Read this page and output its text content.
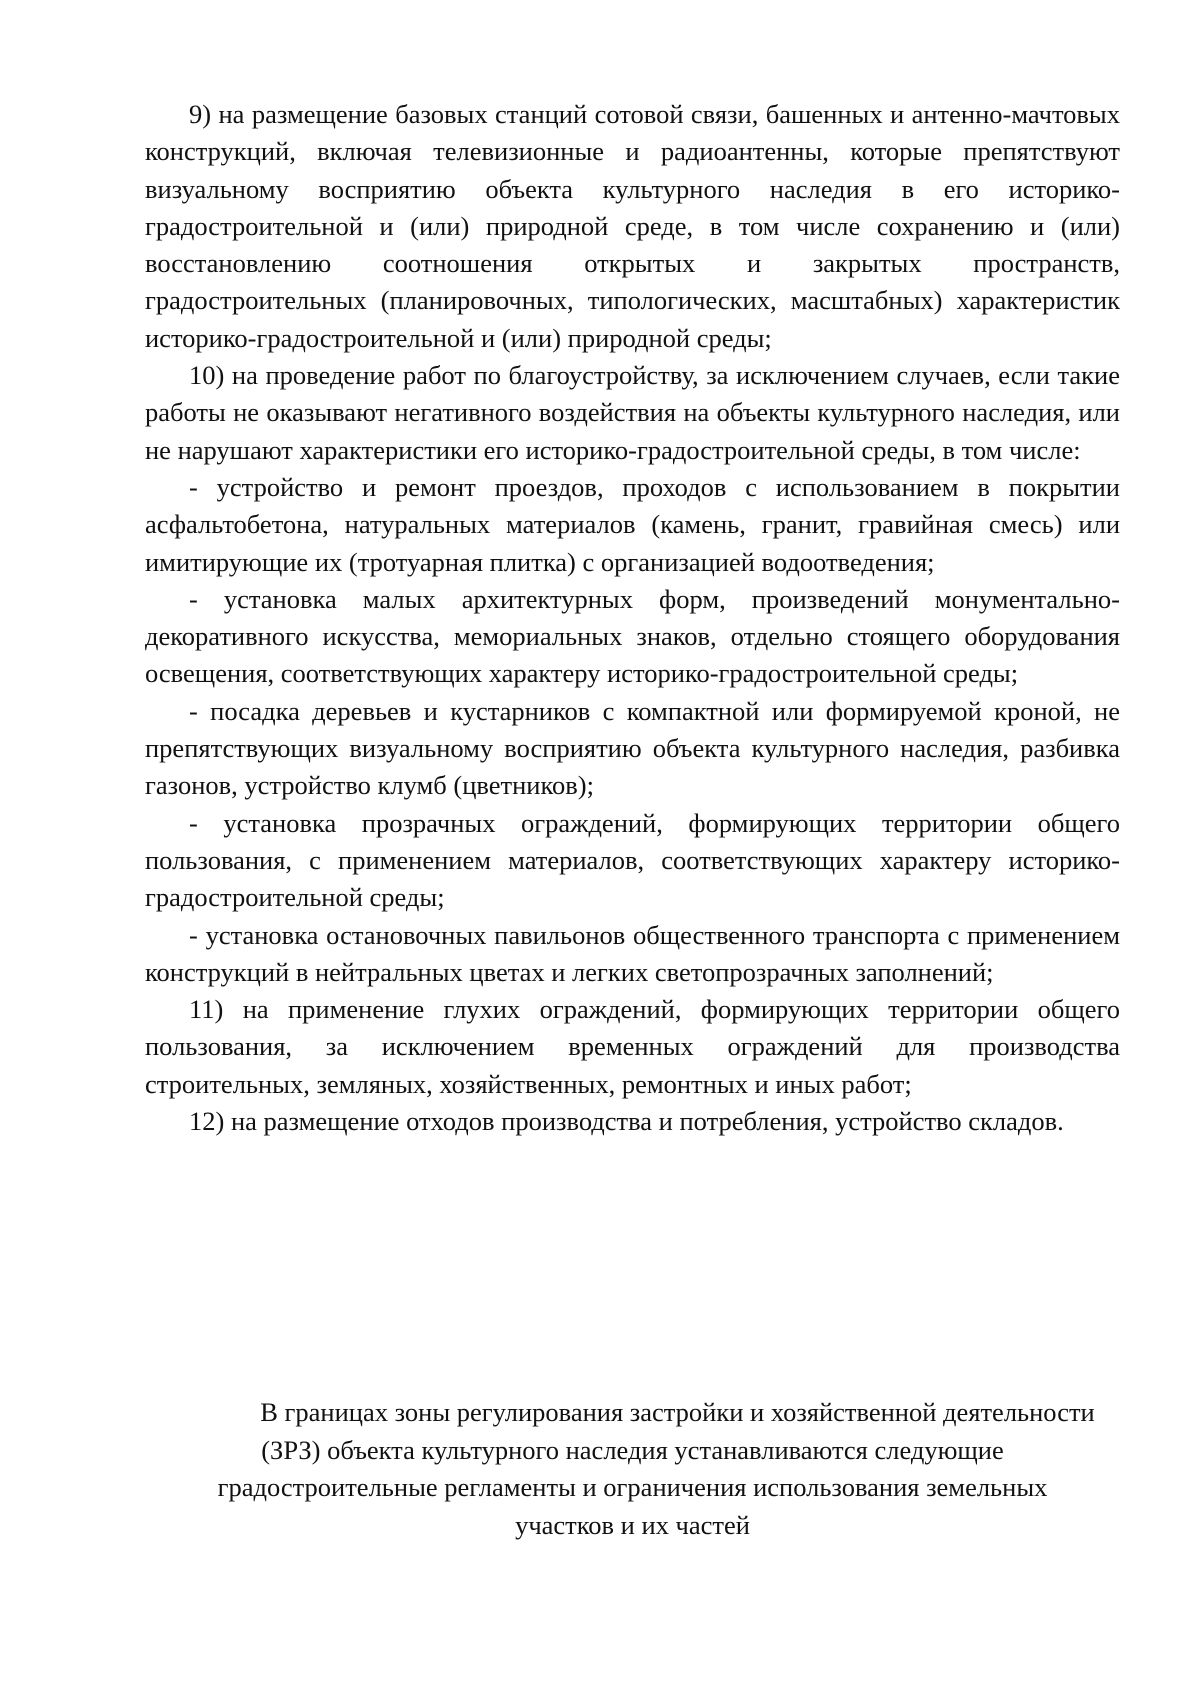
9) на размещение базовых станций сотовой связи, башенных и антенно-мачтовых конструкций, включая телевизионные и радиоантенны, которые препятствуют визуальному восприятию объекта культурного наследия в его историко-градостроительной и (или) природной среде, в том числе сохранению и (или) восстановлению соотношения открытых и закрытых пространств, градостроительных (планировочных, типологических, масштабных) характеристик историко-градостроительной и (или) природной среды;

10) на проведение работ по благоустройству, за исключением случаев, если такие работы не оказывают негативного воздействия на объекты культурного наследия, или не нарушают характеристики его историко-градостроительной среды, в том числе:

- устройство и ремонт проездов, проходов с использованием в покрытии асфальтобетона, натуральных материалов (камень, гранит, гравийная смесь) или имитирующие их (тротуарная плитка) с организацией водоотведения;

- установка малых архитектурных форм, произведений монументально-декоративного искусства, мемориальных знаков, отдельно стоящего оборудования освещения, соответствующих характеру историко-градостроительной среды;

- посадка деревьев и кустарников с компактной или формируемой кроной, не препятствующих визуальному восприятию объекта культурного наследия, разбивка газонов, устройство клумб (цветников);

- установка прозрачных ограждений, формирующих территории общего пользования, с применением материалов, соответствующих характеру историко-градостроительной среды;

- установка остановочных павильонов общественного транспорта с применением конструкций в нейтральных цветах и легких светопрозрачных заполнений;

11) на применение глухих ограждений, формирующих территории общего пользования, за исключением временных ограждений для производства строительных, земляных, хозяйственных, ремонтных и иных работ;

12) на размещение отходов производства и потребления, устройство складов.

В границах зоны регулирования застройки и хозяйственной деятельности
(ЗРЗ) объекта культурного наследия устанавливаются следующие
градостроительные регламенты и ограничения использования земельных
участков и их частей
